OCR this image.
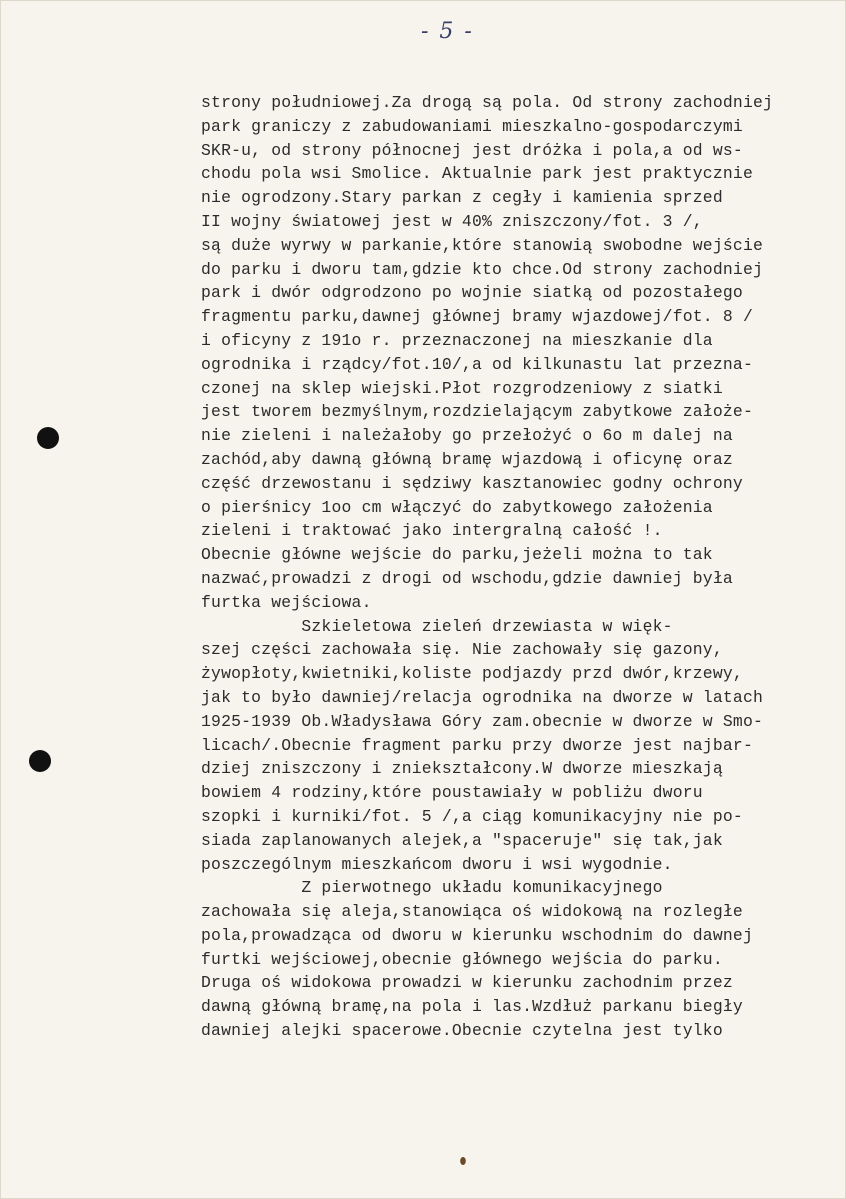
- 5 -
strony południowej.Za drogą są pola. Od strony zachodniej
park graniczy z zabudowaniami mieszkalno-gospodarczymi
SKR-u, od strony północnej jest dróżka i pola,a od ws-
chodu pola wsi Smolice. Aktualnie park jest praktycznie
nie ogrodzony.Stary parkan z cegły i kamienia sprzed
II wojny światowej jest w 40% zniszczony/fot. 3 /,
są duże wyrwy w parkanie,które stanowią swobodne wejście
do parku i dworu tam,gdzie kto chce.Od strony zachodniej
park i dwór odgrodzono po wojnie siatką od pozostałego
fragmentu parku,dawnej głównej bramy wjazdowej/fot. 8 /
i oficyny z 191o r. przeznaczonej na mieszkanie dla
ogrodnika i rządcy/fot.10/,a od kilkunastu lat przezna-
czonej na sklep wiejski.Płot rozgrodzeniowy z siatki
jest tworem bezmyślnym,rozdzielającym zabytkowe założe-
nie zieleni i należałoby go przełożyć o 6o m dalej na
zachód,aby dawną główną bramę wjazdową i oficynę oraz
część drzewostanu i sędziwy kasztanowiec godny ochrony
o pierśnicy 1oo cm włączyć do zabytkowego założenia
zieleni i traktować jako intergralną całość !.
Obecnie główne wejście do parku,jeżeli można to tak
nazwać,prowadzi z drogi od wschodu,gdzie dawniej była
furtka wejściowa.
Szkieletowa zieleń drzewiasta w więk-
szej części zachowała się. Nie zachowały się gazony,
żywopłoty,kwietniki,koliste podjazdy przd dwór,krzewy,
jak to było dawniej/relacja ogrodnika na dworze w latach
1925-1939 Ob.Władysława Góry zam.obecnie w dworze w Smo-
licach/.Obecnie fragment parku przy dworze jest najbar-
dziej zniszczony i zniekształcony.W dworze mieszkają
bowiem 4 rodziny,które poustawiały w pobliżu dworu
szopki i kurniki/fot. 5 /,a ciąg komunikacyjny nie po-
siada zaplanowanych alejek,a "spaceruje" się tak,jak
poszczególnym mieszkańcom dworu i wsi wygodnie.
Z pierwotnego układu komunikacyjnego
zachowała się aleja,stanowiąca oś widokową na rozległe
pola,prowadząca od dworu w kierunku wschodnim do dawnej
furtki wejściowej,obecnie głównego wejścia do parku.
Druga oś widokowa prowadzi w kierunku zachodnim przez
dawną główną bramę,na pola i las.Wzdłuż parkanu biegły
dawniej alejki spacerowe.Obecnie czytelna jest tylko
